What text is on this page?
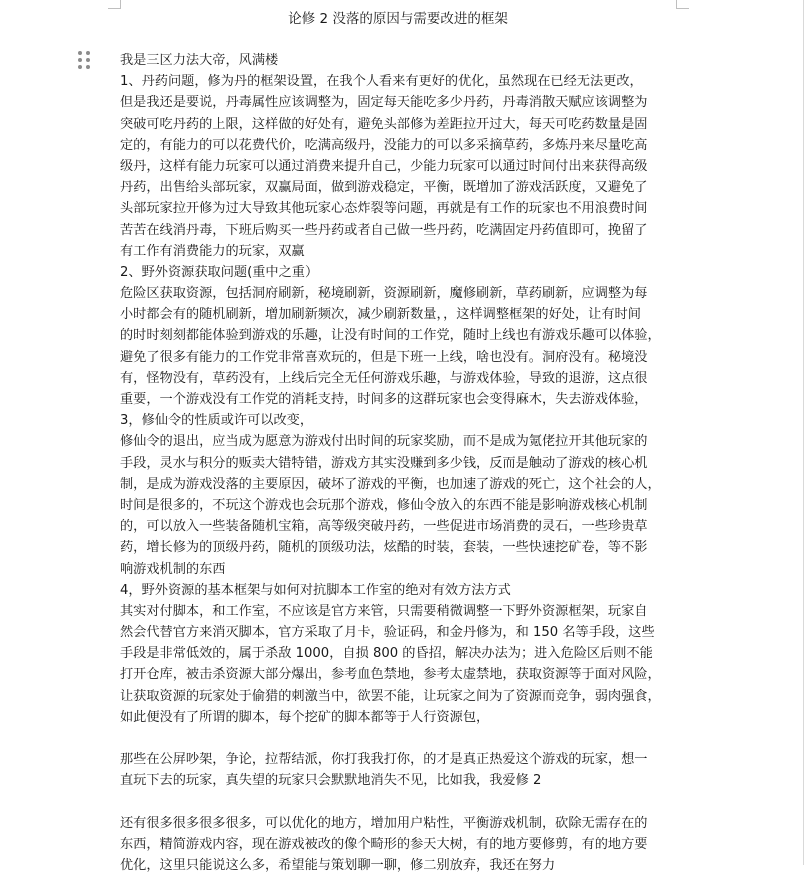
论修 2 没落的原因与需要改进的框架
我是三区力法大帝，风满楼
1、丹药问题，修为丹的框架设置，在我个人看来有更好的优化，虽然现在已经无法更改，
但是我还是要说，丹毒属性应该调整为，固定每天能吃多少丹药，丹毒消散天赋应该调整为
突破可吃丹药的上限，这样做的好处有，避免头部修为差距拉开过大，每天可吃药数量是固
定的，有能力的可以花费代价，吃满高级丹，没能力的可以多采摘草药，多炼丹来尽量吃高
级丹，这样有能力玩家可以通过消费来提升自己，少能力玩家可以通过时间付出来获得高级
丹药，出售给头部玩家，双赢局面，做到游戏稳定，平衡，既增加了游戏活跃度，又避免了
头部玩家拉开修为过大导致其他玩家心态炸裂等问题，再就是有工作的玩家也不用浪费时间
苦苦在线消丹毒，下班后购买一些丹药或者自己做一些丹药，吃满固定丹药值即可，挽留了
有工作有消费能力的玩家，双赢
2、野外资源获取问题(重中之重）
危险区获取资源，包括洞府刷新，秘境刷新，资源刷新，魔修刷新，草药刷新，应调整为每
小时都会有的随机刷新，增加刷新频次，减少刷新数量，，这样调整框架的好处，让有时间
的时时刻刻都能体验到游戏的乐趣，让没有时间的工作党，随时上线也有游戏乐趣可以体验，
避免了很多有能力的工作党非常喜欢玩的，但是下班一上线，啥也没有。洞府没有。秘境没
有，怪物没有，草药没有，上线后完全无任何游戏乐趣，与游戏体验，导致的退游，这点很
重要，一个游戏没有工作党的消耗支持，时间多的这群玩家也会变得麻木，失去游戏体验，
3，修仙令的性质或许可以改变，
修仙令的退出，应当成为愿意为游戏付出时间的玩家奖励，而不是成为氪佬拉开其他玩家的
手段，灵水与积分的贩卖大错特错，游戏方其实没赚到多少钱，反而是触动了游戏的核心机
制，是成为游戏没落的主要原因，破坏了游戏的平衡，也加速了游戏的死亡，这个社会的人，
时间是很多的，不玩这个游戏也会玩那个游戏，修仙令放入的东西不能是影响游戏核心机制
的，可以放入一些装备随机宝箱，高等级突破丹药，一些促进市场消费的灵石，一些珍贵草
药，增长修为的顶级丹药，随机的顶级功法，炫酷的时装，套装，一些快速挖矿卷，等不影
响游戏机制的东西
4，野外资源的基本框架与如何对抗脚本工作室的绝对有效方法方式
其实对付脚本，和工作室，不应该是官方来管，只需要稍微调整一下野外资源框架，玩家自
然会代替官方来消灭脚本，官方采取了月卡，验证码，和金丹修为，和 150 名等手段，这些
手段是非常低效的，属于杀敌 1000，自损 800 的昏招，解决办法为；进入危险区后则不能
打开仓库，被击杀资源大部分爆出，参考血色禁地，参考太虚禁地，获取资源等于面对风险，
让获取资源的玩家处于偷猎的刺激当中，欲罢不能，让玩家之间为了资源而竞争，弱肉强食，
如此便没有了所谓的脚本，每个挖矿的脚本都等于人行资源包，
那些在公屏吵架，争论，拉帮结派，你打我我打你，的才是真正热爱这个游戏的玩家，想一
直玩下去的玩家，真失望的玩家只会默默地消失不见，比如我，我爱修 2
还有很多很多很多很多，可以优化的地方，增加用户粘性，平衡游戏机制，砍除无需存在的
东西，精简游戏内容，现在游戏被改的像个畸形的参天大树，有的地方要修剪，有的地方要
优化，这里只能说这么多，希望能与策划聊一聊，修二别放弃，我还在努力
